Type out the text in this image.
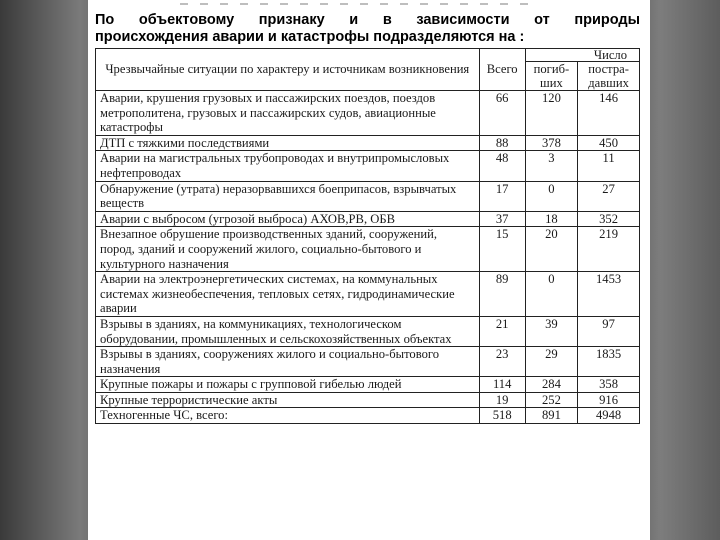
По объектовому признаку и в зависимости от природы
происхождения аварии и катастрофы подразделяются на :
Чрезвычайные ситуации по характеру и источникам возникновения	Всего	Число	
		погиб-ших	постра-давших
Аварии, крушения грузовых и пассажирских поездов, поездов метрополитена, грузовых и пассажирских судов, авиационные катастрофы	66	120	146
ДТП с тяжкими последствиями	88	378	450
Аварии на магистральных трубопроводах и внутрипромысловых нефтепроводах	48	3	11
Обнаружение (утрата) неразорвавшихся боеприпасов, взрывчатых веществ	17	0	27
Аварии с выбросом (угрозой выброса) АХОВ,РВ, ОБВ	37	18	352
Внезапное обрушение производственных зданий, сооружений, пород, зданий и сооружений жилого, социально-бытового и культурного назначения	15	20	219
Аварии на электроэнергетических системах, на коммунальных системах жизнеобеспечения, тепловых сетях, гидродинамические аварии	89	0	1453
Взрывы в зданиях, на коммуникациях, технологическом оборудовании, промышленных и сельскохозяйственных объектах	21	39	97
Взрывы в зданиях, сооружениях жилого и социально-бытового назначения	23	29	1835
Крупные пожары и пожары с групповой гибелью людей	114	284	358
Крупные террористические акты	19	252	916
Техногенные ЧС, всего:	518	891	4948
